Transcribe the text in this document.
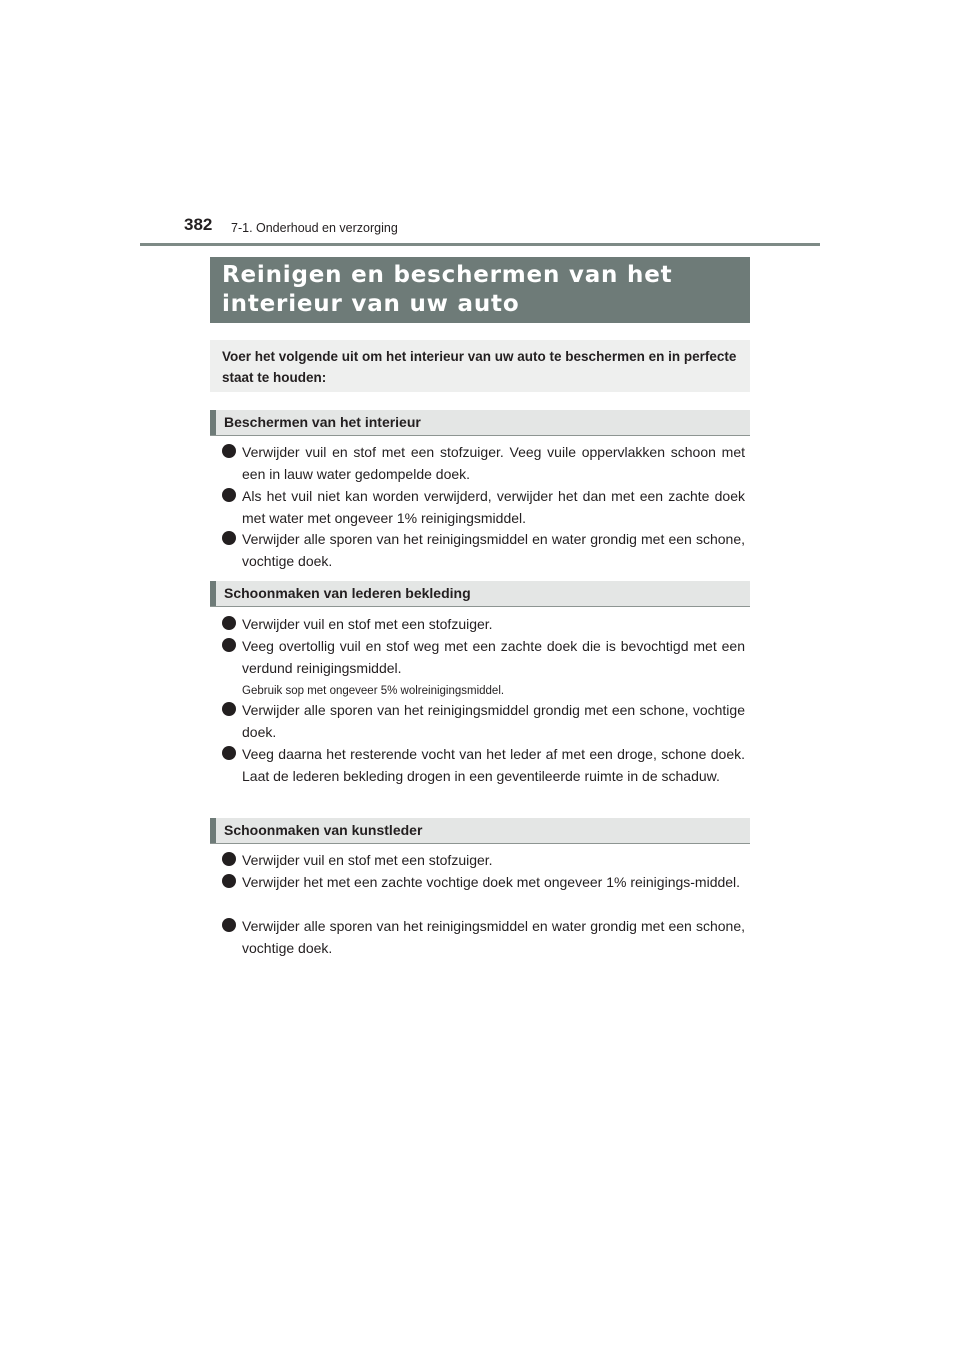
382 7-1. Onderhoud en verzorging
Reinigen en beschermen van het interieur van uw auto

Voer het volgende uit om het interieur van uw auto te beschermen en in perfecte staat te houden:

Beschermen van het interieur
Verwijder vuil en stof met een stofzuiger. Veeg vuile oppervlakken schoon met een in lauw water gedompelde doek.
Als het vuil niet kan worden verwijderd, verwijder het dan met een zachte doek met water met ongeveer 1% reinigingsmiddel.
Verwijder alle sporen van het reinigingsmiddel en water grondig met een schone, vochtige doek.
Schoonmaken van lederen bekleding
Verwijder vuil en stof met een stofzuiger.
Veeg overtollig vuil en stof weg met een zachte doek die is bevochtigd met een verdund reinigingsmiddel.
Gebruik sop met ongeveer 5% wolreinigingsmiddel.
Verwijder alle sporen van het reinigingsmiddel grondig met een schone, vochtige doek.
Veeg daarna het resterende vocht van het leder af met een droge, schone doek. Laat de lederen bekleding drogen in een geventileerde ruimte in de schaduw.
Schoonmaken van kunstleder
Verwijder vuil en stof met een stofzuiger.
Verwijder het met een zachte vochtige doek met ongeveer 1% reinigings-middel.
Verwijder alle sporen van het reinigingsmiddel en water grondig met een schone, vochtige doek.
